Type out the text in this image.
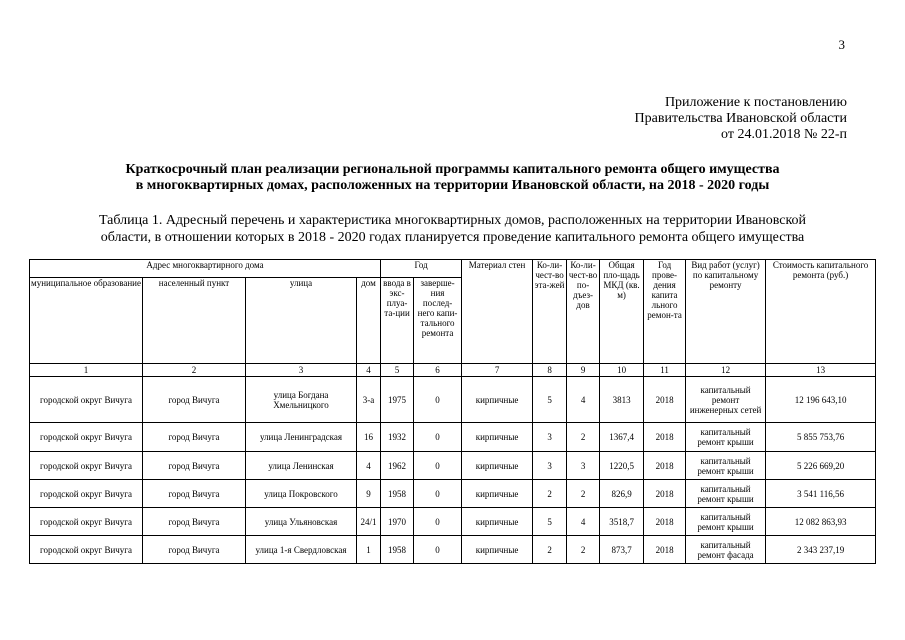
3
Приложение к постановлению
Правительства Ивановской области
от 24.01.2018 № 22-п
Краткосрочный план реализации региональной программы капитального ремонта общего имущества
в многоквартирных домах, расположенных на территории Ивановской области, на 2018 - 2020 годы
Таблица 1. Адресный перечень и характеристика многоквартирных домов, расположенных на территории Ивановской
области, в отношении которых в 2018 - 2020 годах планируется проведение капитального ремонта общего имущества
Адрес многоквартирного дома				Год		Материал стен	Ко-ли-чест-во эта-жей	Ко-ли-чест-во по-дъез-дов	Общая пло-щадь МКД (кв. м)	Год прове-дения капита льного ремон-та	Вид работ (услуг) по капитальному ремонту	Стоимость капитального ремонта (руб.)
муниципальное образование	населенный пункт	улица	дом	ввода в экс-плуа-та-ции	заверше-ния послед-него капи-тального ремонта							
1	2	3	4	5	6	7	8	9	10	11	12	13
городской округ Вичуга	город Вичуга	улица Богдана Хмельницкого	3-а	1975	0	кирпичные	5	4	3813	2018	капитальный ремонт инженерных сетей	12 196 643,10
городской округ Вичуга	город Вичуга	улица Ленинградская	16	1932	0	кирпичные	3	2	1367,4	2018	капитальный ремонт крыши	5 855 753,76
городской округ Вичуга	город Вичуга	улица Ленинская	4	1962	0	кирпичные	3	3	1220,5	2018	капитальный ремонт крыши	5 226 669,20
городской округ Вичуга	город Вичуга	улица Покровского	9	1958	0	кирпичные	2	2	826,9	2018	капитальный ремонт крыши	3 541 116,56
городской округ Вичуга	город Вичуга	улица Ульяновская	24/1	1970	0	кирпичные	5	4	3518,7	2018	капитальный ремонт крыши	12 082 863,93
городской округ Вичуга	город Вичуга	улица 1-я Свердловская	1	1958	0	кирпичные	2	2	873,7	2018	капитальный ремонт фасада	2 343 237,19
